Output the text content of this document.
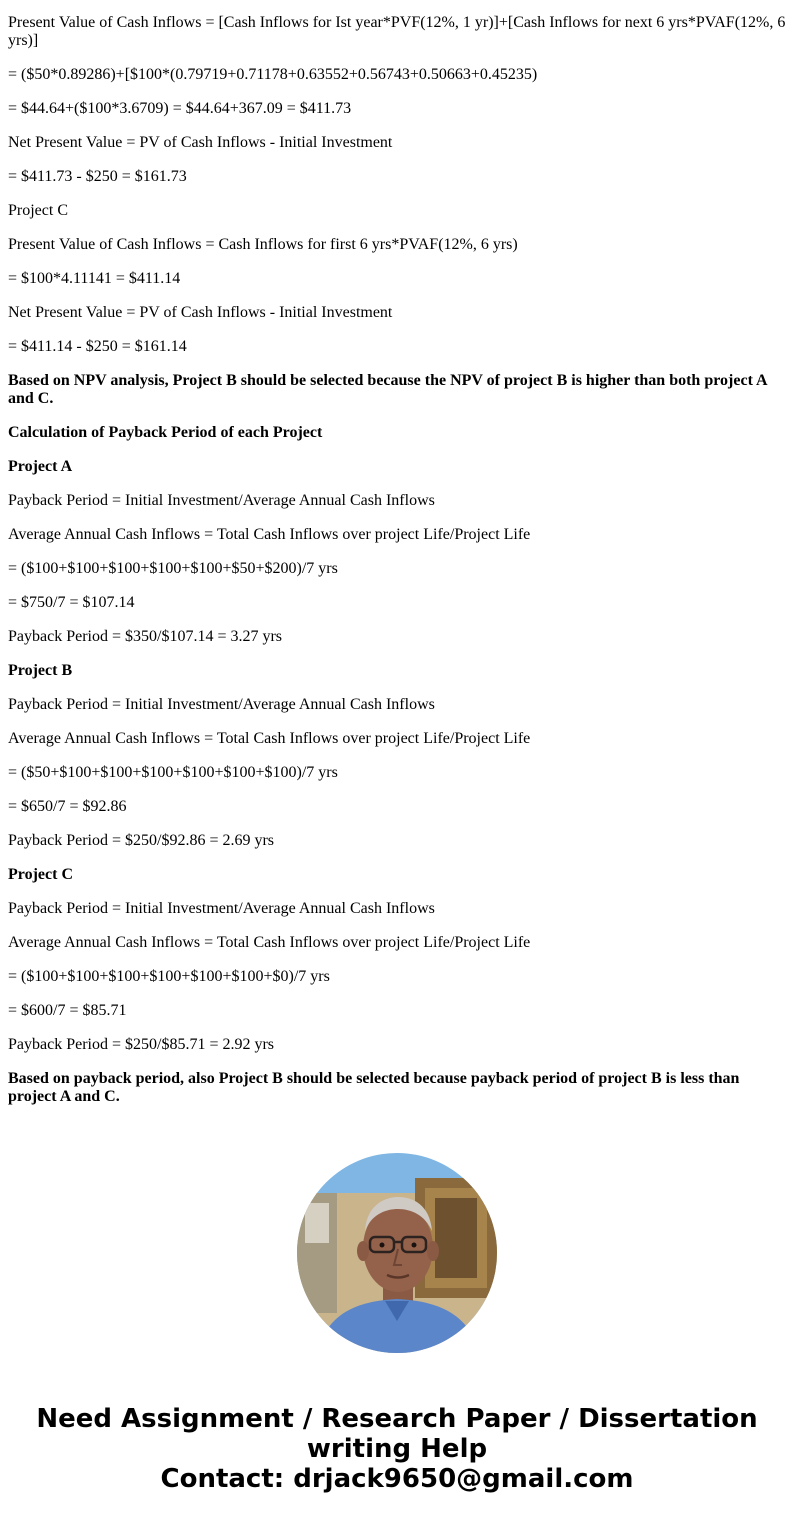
Present Value of Cash Inflows = [Cash Inflows for Ist year*PVF(12%, 1 yr)]+[Cash Inflows for next 6 yrs*PVAF(12%, 6 yrs)]

= ($50*0.89286)+[$100*(0.79719+0.71178+0.63552+0.56743+0.50663+0.45235)

= $44.64+($100*3.6709) = $44.64+367.09 = $411.73

Net Present Value = PV of Cash Inflows - Initial Investment

= $411.73 - $250 = $161.73

Project C

Present Value of Cash Inflows = Cash Inflows for first 6 yrs*PVAF(12%, 6 yrs)

= $100*4.11141 = $411.14

Net Present Value = PV of Cash Inflows - Initial Investment

= $411.14 - $250 = $161.14

Based on NPV analysis, Project B should be selected because the NPV of project B is higher than both project A and C.

Calculation of Payback Period of each Project

Project A

Payback Period = Initial Investment/Average Annual Cash Inflows

Average Annual Cash Inflows = Total Cash Inflows over project Life/Project Life

= ($100+$100+$100+$100+$100+$50+$200)/7 yrs

= $750/7 = $107.14

Payback Period = $350/$107.14 = 3.27 yrs

Project B

Payback Period = Initial Investment/Average Annual Cash Inflows

Average Annual Cash Inflows = Total Cash Inflows over project Life/Project Life

= ($50+$100+$100+$100+$100+$100+$100)/7 yrs

= $650/7 = $92.86

Payback Period = $250/$92.86 = 2.69 yrs

Project C

Payback Period = Initial Investment/Average Annual Cash Inflows

Average Annual Cash Inflows = Total Cash Inflows over project Life/Project Life

= ($100+$100+$100+$100+$100+$100+$0)/7 yrs

= $600/7 = $85.71

Payback Period = $250/$85.71 = 2.92 yrs

Based on payback period, also Project B should be selected because payback period of project B is less than project A and C.

Need Assignment / Research Paper / Dissertation
writing Help
Contact: drjack9650@gmail.com
